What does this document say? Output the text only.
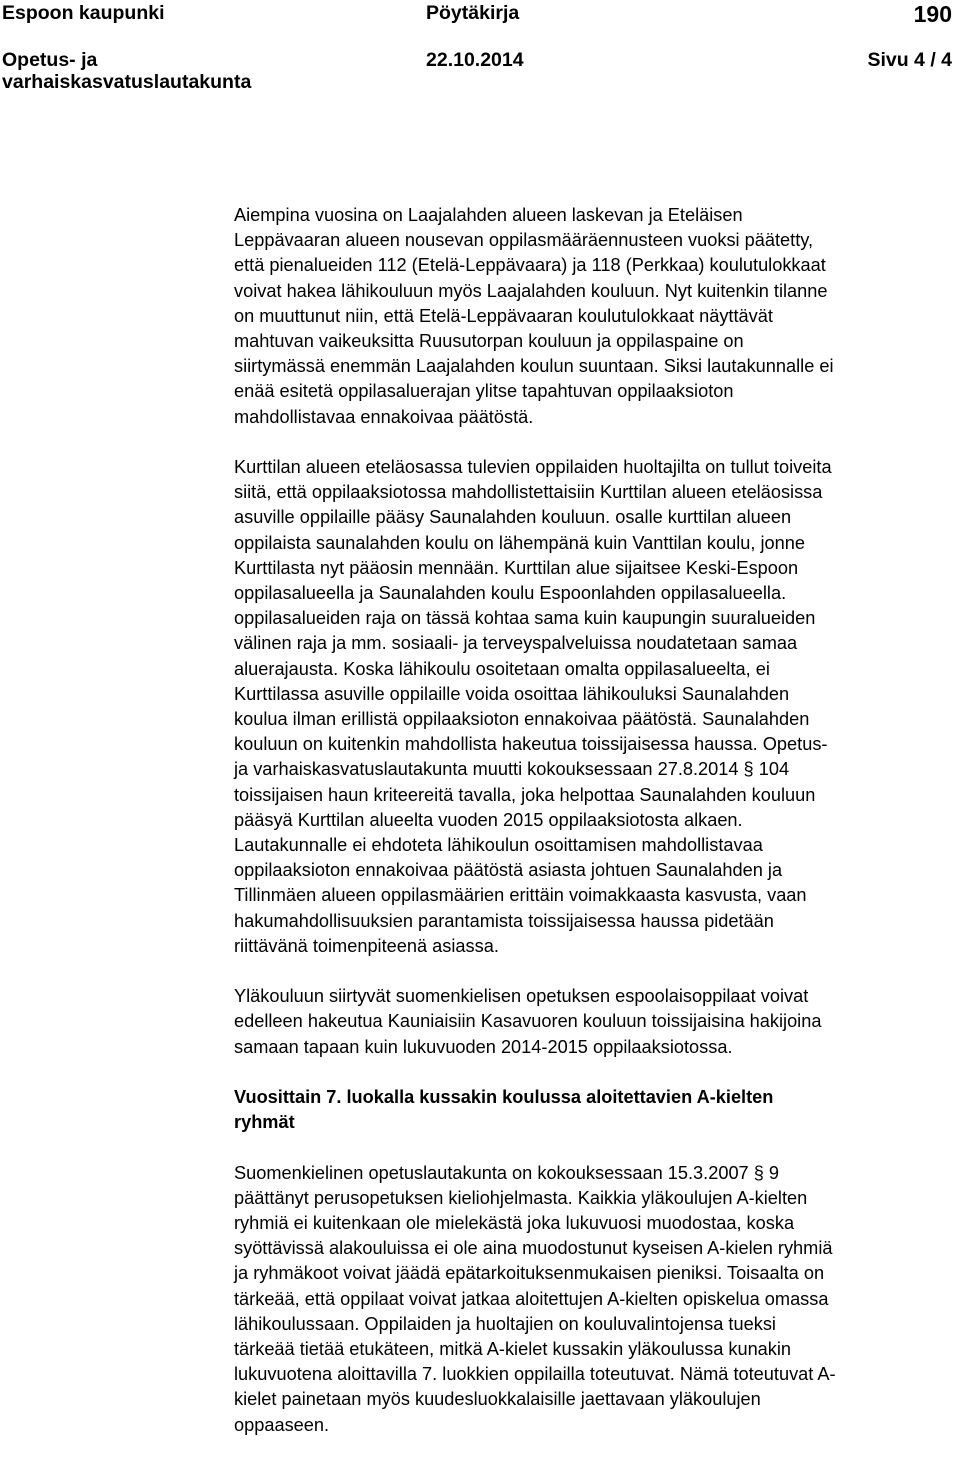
Espoon kaupunki	Pöytäkirja	190
Opetus- ja
varhaiskasvatuslautakunta
22.10.2014	Sivu 4 / 4

Aiempina vuosina on Laajalahden alueen laskevan ja Eteläisen
Leppävaaran alueen nousevan oppilasmääräennusteen vuoksi päätetty,
että pienalueiden 112 (Etelä-Leppävaara) ja 118 (Perkkaa) koulutulokkaat
voivat hakea lähikouluun myös Laajalahden kouluun. Nyt kuitenkin tilanne
on muuttunut niin, että Etelä-Leppävaaran koulutulokkaat näyttävät
mahtuvan vaikeuksitta Ruusutorpan kouluun ja oppilaspaine on
siirtymässä enemmän Laajalahden koulun suuntaan. Siksi lautakunnalle ei
enää esitetä oppilasaluerajan ylitse tapahtuvan oppilaaksioton
mahdollistavaa ennakoivaa päätöstä.

Kurttilan alueen eteläosassa tulevien oppilaiden huoltajilta on tullut toiveita
siitä, että oppilaaksiotossa mahdollistettaisiin Kurttilan alueen eteläosissa
asuville oppilaille pääsy Saunalahden kouluun. osalle kurttilan alueen
oppilaista saunalahden koulu on lähempänä kuin Vanttilan koulu, jonne
Kurttilasta nyt pääosin mennään. Kurttilan alue sijaitsee Keski-Espoon
oppilasalueella ja Saunalahden koulu Espoonlahden oppilasalueella.
oppilasalueiden raja on tässä kohtaa sama kuin kaupungin suuralueiden
välinen raja ja mm. sosiaali- ja terveyspalveluissa noudatetaan samaa
aluerajausta. Koska lähikoulu osoitetaan omalta oppilasalueelta, ei
Kurttilassa asuville oppilaille voida osoittaa lähikouluksi Saunalahden
koulua ilman erillistä oppilaaksioton ennakoivaa päätöstä. Saunalahden
kouluun on kuitenkin mahdollista hakeutua toissijaisessa haussa. Opetus-
ja varhaiskasvatuslautakunta muutti kokouksessaan 27.8.2014 § 104
toissijaisen haun kriteereitä tavalla, joka helpottaa Saunalahden kouluun
pääsyä Kurttilan alueelta vuoden 2015 oppilaaksiotosta alkaen.
Lautakunnalle ei ehdoteta lähikoulun osoittamisen mahdollistavaa
oppilaaksioton ennakoivaa päätöstä asiasta johtuen Saunalahden ja
Tillinmäen alueen oppilasmäärien erittäin voimakkaasta kasvusta, vaan
hakumahdollisuuksien parantamista toissijaisessa haussa pidetään
riittävänä toimenpiteenä asiassa.

Yläkouluun siirtyvät suomenkielisen opetuksen espoolaisoppilaat voivat
edelleen hakeutua Kauniaisiin Kasavuoren kouluun toissijaisina hakijoina
samaan tapaan kuin lukuvuoden 2014-2015 oppilaaksiotossa.

Vuosittain 7. luokalla kussakin koulussa aloitettavien A-kielten
ryhmät

Suomenkielinen opetuslautakunta on kokouksessaan 15.3.2007 § 9
päättänyt perusopetuksen kieliohjelmasta. Kaikkia yläkoulujen A-kielten
ryhmiä ei kuitenkaan ole mielekästä joka lukuvuosi muodostaa, koska
syöttävissä alakouluissa ei ole aina muodostunut kyseisen A-kielen ryhmiä
ja ryhmäkoot voivat jäädä epätarkoituksenmukaisen pieniksi. Toisaalta on
tärkeää, että oppilaat voivat jatkaa aloitettujen A-kielten opiskelua omassa
lähikoulussaan. Oppilaiden ja huoltajien on kouluvalintojensa tueksi
tärkeää tietää etukäteen, mitkä A-kielet kussakin yläkoulussa kunakin
lukuvuotena aloittavilla 7. luokkien oppilailla toteutuvat. Nämä toteutuvat A-
kielet painetaan myös kuudesluokkalaisille jaettavaan yläkoulujen
oppaaseen.
